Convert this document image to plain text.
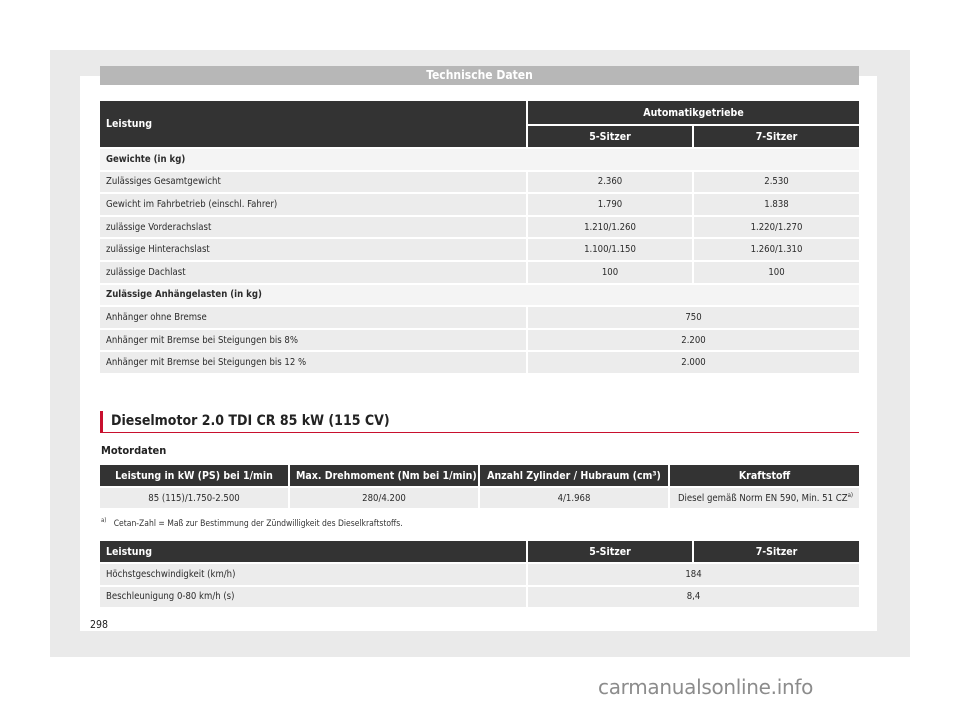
Technische Daten
Leistung	Automatikgetriebe	
	5-Sitzer	7-Sitzer
Gewichte (in kg)		
Zulässiges Gesamtgewicht	2.360	2.530
Gewicht im Fahrbetrieb (einschl. Fahrer)	1.790	1.838
zulässige Vorderachslast	1.210/1.260	1.220/1.270
zulässige Hinterachslast	1.100/1.150	1.260/1.310
zulässige Dachlast	100	100
Zulässige Anhängelasten (in kg)		
Anhänger ohne Bremse	750	
Anhänger mit Bremse bei Steigungen bis 8%	2.200	
Anhänger mit Bremse bei Steigungen bis 12 %	2.000	
Dieselmotor 2.0 TDI CR 85 kW (115 CV)
Motordaten
Leistung in kW (PS) bei 1/min	Max. Drehmoment (Nm bei 1/min)	Anzahl Zylinder / Hubraum (cm³)	Kraftstoff
85 (115)/1.750-2.500	280/4.200	4/1.968	Diesel gemäß Norm EN 590, Min. 51 CZ$^{a)}$
$^{a)}$ Cetan-Zahl = Maß zur Bestimmung der Zündwilligkeit des Dieselkraftstoffs.
Leistung	5-Sitzer	7-Sitzer
Höchstgeschwindigkeit (km/h)	184	
Beschleunigung 0-80 km/h (s)	8,4	
298
carmanualsonline.info
